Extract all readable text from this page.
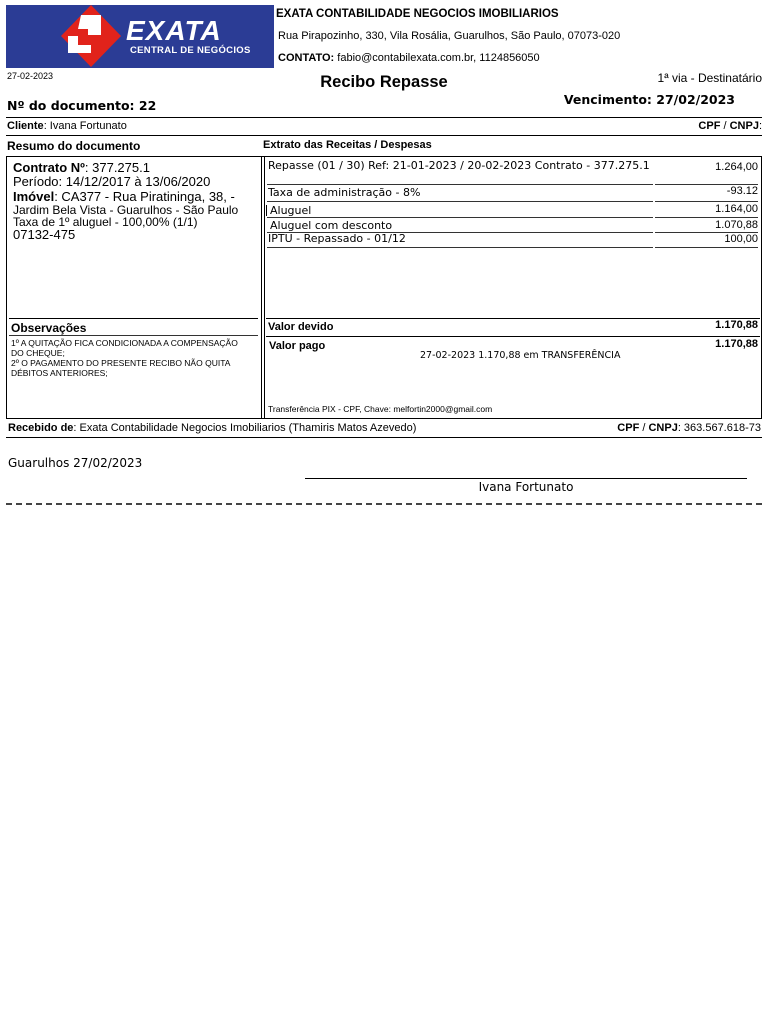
EXATA
CENTRAL DE NEGÓCIOS
EXATA CONTABILIDADE NEGOCIOS IMOBILIARIOS
Rua Pirapozinho, 330, Vila Rosália, Guarulhos, São Paulo, 07073-020
CONTATO: fabio@contabilexata.com.br, 1124856050
27-02-2023	Recibo Repasse	1ª via - Destinatário
Nº do documento: 22	Vencimento: 27/02/2023
Cliente: Ivana Fortunato	CPF / CNPJ:
Resumo do documento	Extrato das Receitas / Despesas
Contrato Nº: 377.275.1
Período: 14/12/2017 à 13/06/2020
Imóvel: CA377 - Rua Piratininga, 38, -
Jardim Bela Vista - Guarulhos - São Paulo
Taxa de 1º aluguel - 100,00% (1/1)
07132-475
Observações
1º A QUITAÇÃO FICA CONDICIONADA A COMPENSAÇÃO
DO CHEQUE;
2º O PAGAMENTO DO PRESENTE RECIBO NÃO QUITA
DÉBITOS ANTERIORES;
Repasse (01 / 30) Ref: 21-01-2023 / 20-02-2023 Contrato - 377.275.1	1.264,00
Taxa de administração - 8%	-93.12
Aluguel	1.164,00
Aluguel com desconto	1.070,88
IPTU - Repassado - 01/12	100,00
Valor devido	1.170,88
Valor pago	1.170,88
27-02-2023 1.170,88 em TRANSFERÊNCIA
Transferência PIX - CPF, Chave: melfortin2000@gmail.com
Recebido de: Exata Contabilidade Negocios Imobiliarios (Thamiris Matos Azevedo)	CPF / CNPJ: 363.567.618-73
Guarulhos 27/02/2023
Ivana Fortunato
